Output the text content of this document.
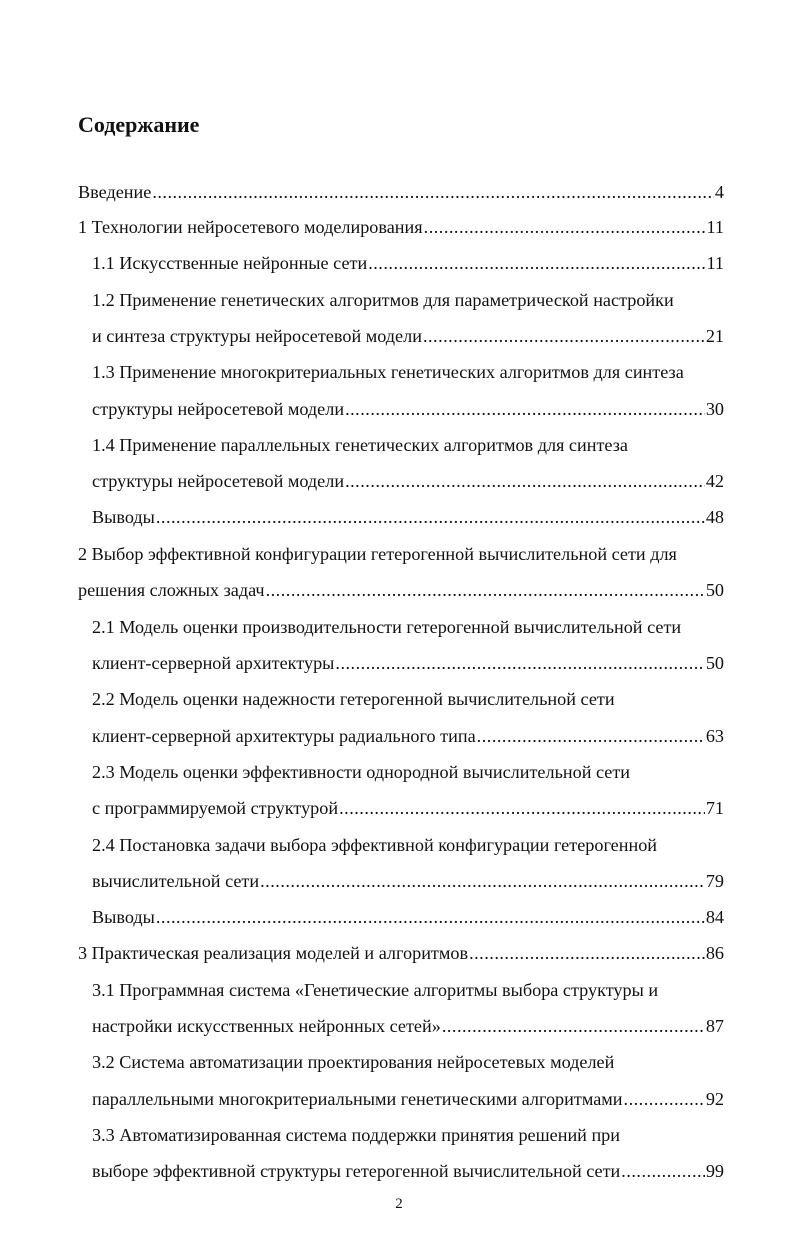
Содержание
Введение .....	4
1 Технологии нейросетевого моделирования .....	11
1.1 Искусственные нейронные сети .....	11
1.2 Применение генетических алгоритмов для параметрической настройки
и синтеза структуры нейросетевой модели .....	21
1.3 Применение многокритериальных генетических алгоритмов для синтеза
структуры нейросетевой модели .....	30
1.4 Применение параллельных генетических алгоритмов для синтеза
структуры нейросетевой модели .....	42
Выводы .....	48
2 Выбор эффективной конфигурации гетерогенной вычислительной сети для
решения сложных задач .....	50
2.1 Модель оценки производительности гетерогенной вычислительной сети
клиент-серверной архитектуры .....	50
2.2 Модель оценки надежности гетерогенной вычислительной сети
клиент-серверной архитектуры радиального типа .....	63
2.3 Модель оценки эффективности однородной вычислительной сети
с программируемой структурой .....	71
2.4 Постановка задачи выбора эффективной конфигурации гетерогенной
вычислительной сети .....	79
Выводы .....	84
3 Практическая реализация моделей и алгоритмов .....	86
3.1 Программная система «Генетические алгоритмы выбора структуры и
настройки искусственных нейронных сетей» .....	87
3.2 Система автоматизации проектирования нейросетевых моделей
параллельными многокритериальными генетическими алгоритмами .....	92
3.3 Автоматизированная система поддержки принятия решений при
выборе эффективной структуры гетерогенной вычислительной сети .....	99
2
